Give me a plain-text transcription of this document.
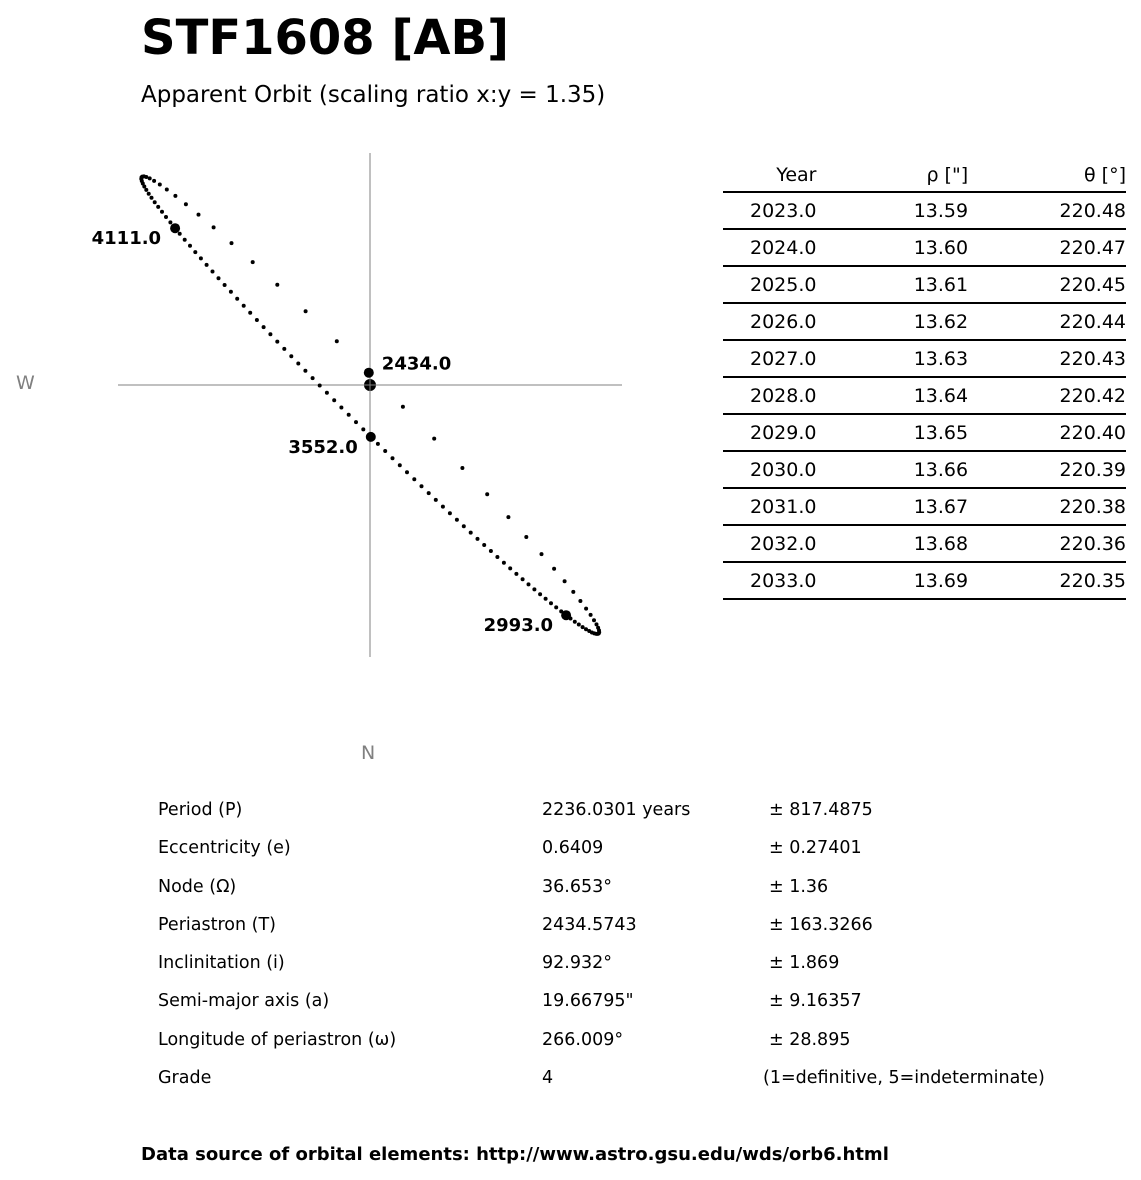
STF1608 [AB]
Apparent Orbit (scaling ratio x:y = 1.35)
4111.0
2434.0
3552.0
2993.0
W
N
Year	ρ ["]	θ [°]
2023.0	13.59	220.48
2024.0	13.60	220.47
2025.0	13.61	220.45
2026.0	13.62	220.44
2027.0	13.63	220.43
2028.0	13.64	220.42
2029.0	13.65	220.40
2030.0	13.66	220.39
2031.0	13.67	220.38
2032.0	13.68	220.36
2033.0	13.69	220.35
Period (P)	2236.0301 years	± 817.4875
Eccentricity (e)	0.6409	± 0.27401
Node (Ω)	36.653°	± 1.36
Periastron (T)	2434.5743	± 163.3266
Inclinitation (i)	92.932°	± 1.869
Semi-major axis (a)	19.66795"	± 9.16357
Longitude of periastron (ω)	266.009°	± 28.895
Grade	4	(1=definitive, 5=indeterminate)
Data source of orbital elements: http://www.astro.gsu.edu/wds/orb6.html
